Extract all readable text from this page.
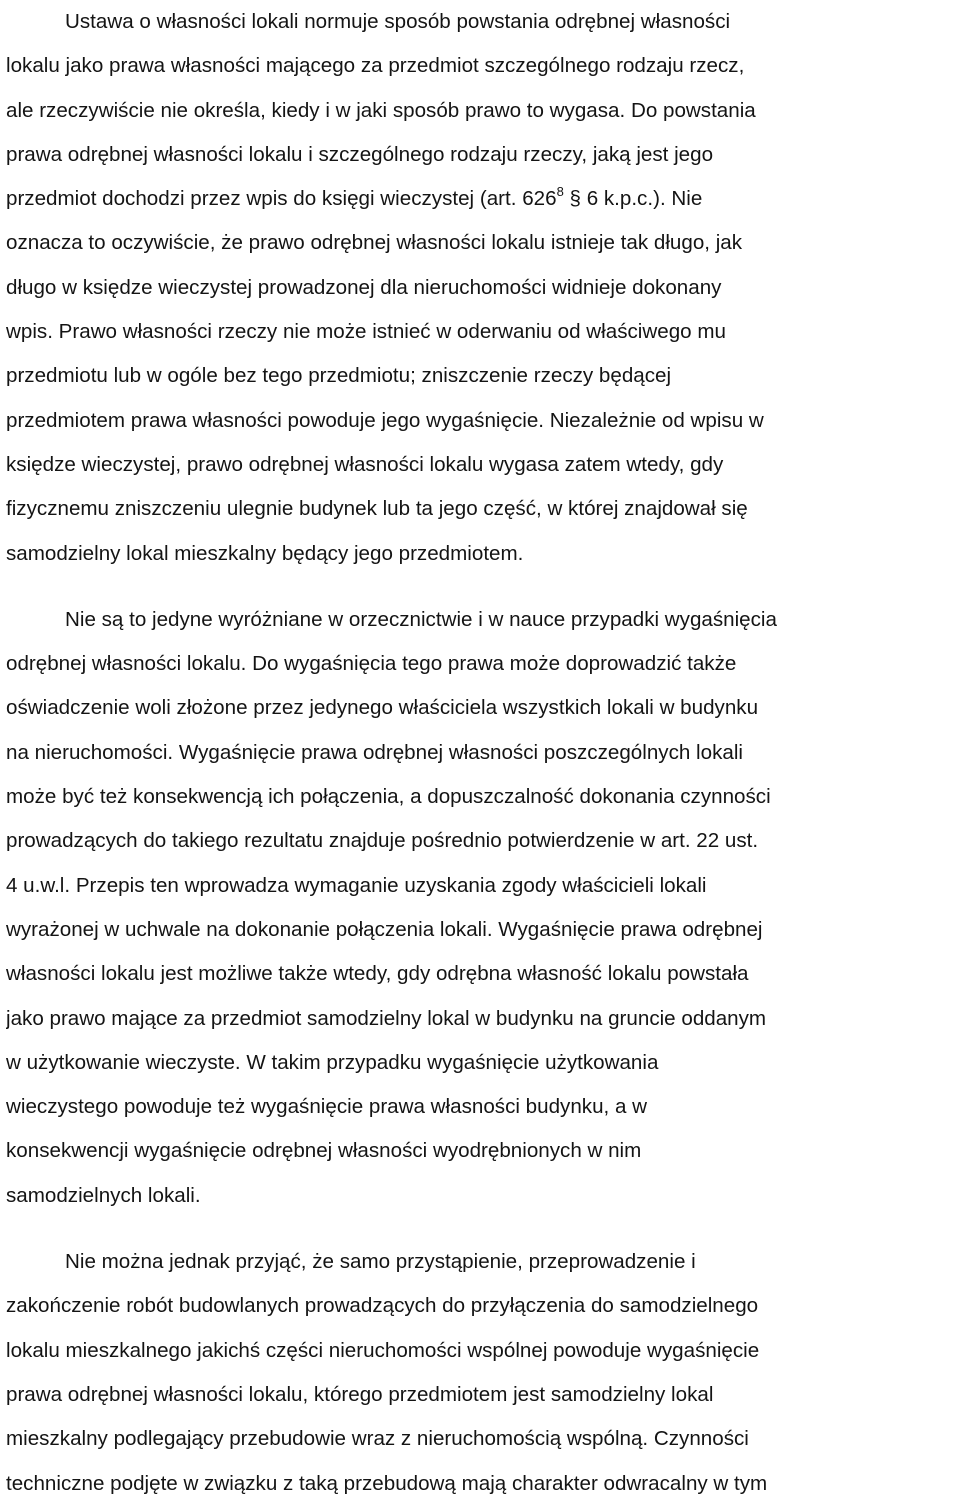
Ustawa o własności lokali normuje sposób powstania odrębnej własności
lokalu jako prawa własności mającego za przedmiot szczególnego rodzaju rzecz,
ale rzeczywiście nie określa, kiedy i w jaki sposób prawo to wygasa. Do powstania
prawa odrębnej własności lokalu i szczególnego rodzaju rzeczy, jaką jest jego
przedmiot dochodzi przez wpis do księgi wieczystej (art. $626^8$ § 6 k.p.c.). Nie
oznacza to oczywiście, że prawo odrębnej własności lokalu istnieje tak długo, jak
długo w księdze wieczystej prowadzonej dla nieruchomości widnieje dokonany
wpis. Prawo własności rzeczy nie może istnieć w oderwaniu od właściwego mu
przedmiotu lub w ogóle bez tego przedmiotu; zniszczenie rzeczy będącej
przedmiotem prawa własności powoduje jego wygaśnięcie. Niezależnie od wpisu w
księdze wieczystej, prawo odrębnej własności lokalu wygasa zatem wtedy, gdy
fizycznemu zniszczeniu ulegnie budynek lub ta jego część, w której znajdował się
samodzielny lokal mieszkalny będący jego przedmiotem.
Nie są to jedyne wyróżniane w orzecznictwie i w nauce przypadki wygaśnięcia
odrębnej własności lokalu. Do wygaśnięcia tego prawa może doprowadzić także
oświadczenie woli złożone przez jedynego właściciela wszystkich lokali w budynku
na nieruchomości. Wygaśnięcie prawa odrębnej własności poszczególnych lokali
może być też konsekwencją ich połączenia, a dopuszczalność dokonania czynności
prowadzących do takiego rezultatu znajduje pośrednio potwierdzenie w art. 22 ust.
4 u.w.l. Przepis ten wprowadza wymaganie uzyskania zgody właścicieli lokali
wyrażonej w uchwale na dokonanie połączenia lokali. Wygaśnięcie prawa odrębnej
własności lokalu jest możliwe także wtedy, gdy odrębna własność lokalu powstała
jako prawo mające za przedmiot samodzielny lokal w budynku na gruncie oddanym
w użytkowanie wieczyste. W takim przypadku wygaśnięcie użytkowania
wieczystego powoduje też wygaśnięcie prawa własności budynku, a w
konsekwencji wygaśnięcie odrębnej własności wyodrębnionych w nim
samodzielnych lokali.
Nie można jednak przyjąć, że samo przystąpienie, przeprowadzenie i
zakończenie robót budowlanych prowadzących do przyłączenia do samodzielnego
lokalu mieszkalnego jakichś części nieruchomości wspólnej powoduje wygaśnięcie
prawa odrębnej własności lokalu, którego przedmiotem jest samodzielny lokal
mieszkalny podlegający przebudowie wraz z nieruchomością wspólną. Czynności
techniczne podjęte w związku z taką przebudową mają charakter odwracalny w tym
